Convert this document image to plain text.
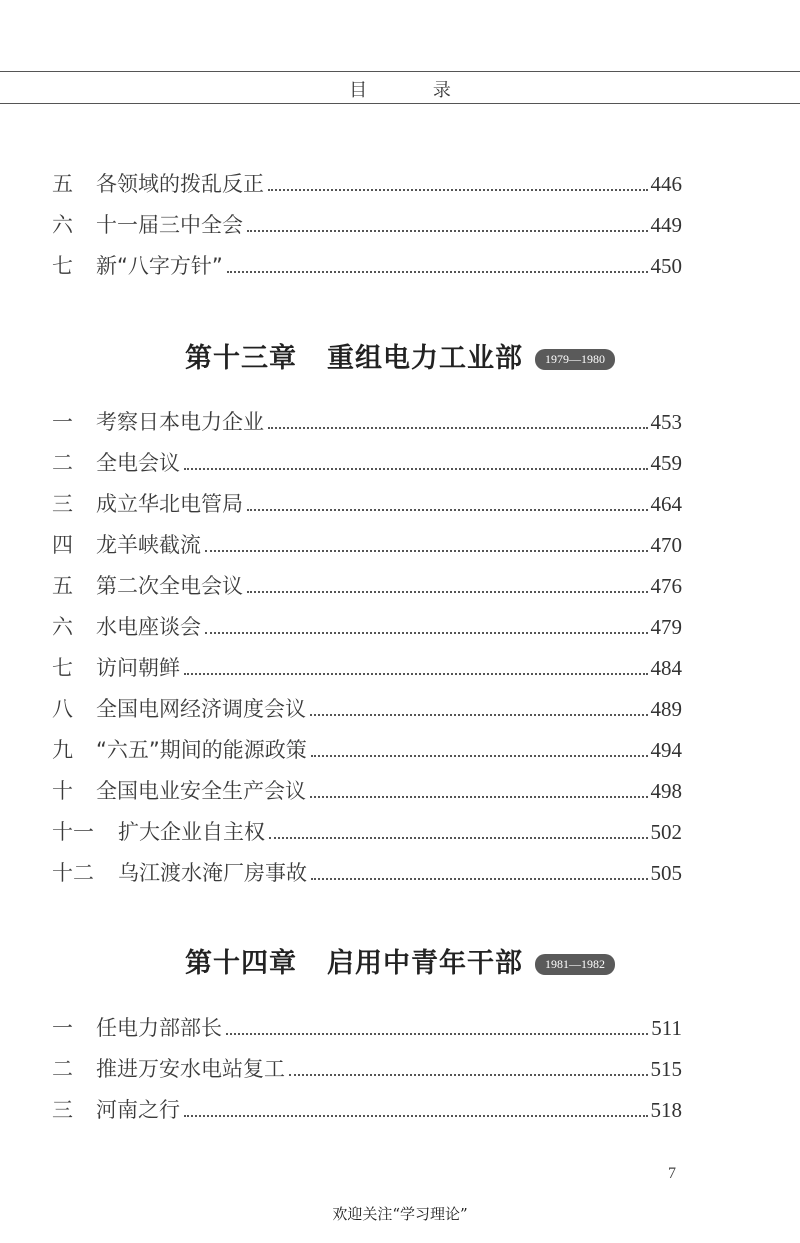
目 录
五	各领域的拨乱反正	446
六	十一届三中全会	449
七	新“八字方针”	450
第十三章 重组电力工业部	1979—1980
一	考察日本电力企业	453
二	全电会议	459
三	成立华北电管局	464
四	龙羊峡截流	470
五	第二次全电会议	476
六	水电座谈会	479
七	访问朝鲜	484
八	全国电网经济调度会议	489
九	“六五”期间的能源政策	494
十	全国电业安全生产会议	498
十一	扩大企业自主权	502
十二	乌江渡水淹厂房事故	505
第十四章 启用中青年干部	1981—1982
一	任电力部部长	511
二	推进万安水电站复工	515
三	河南之行	518
7
欢迎关注“学习理论”
